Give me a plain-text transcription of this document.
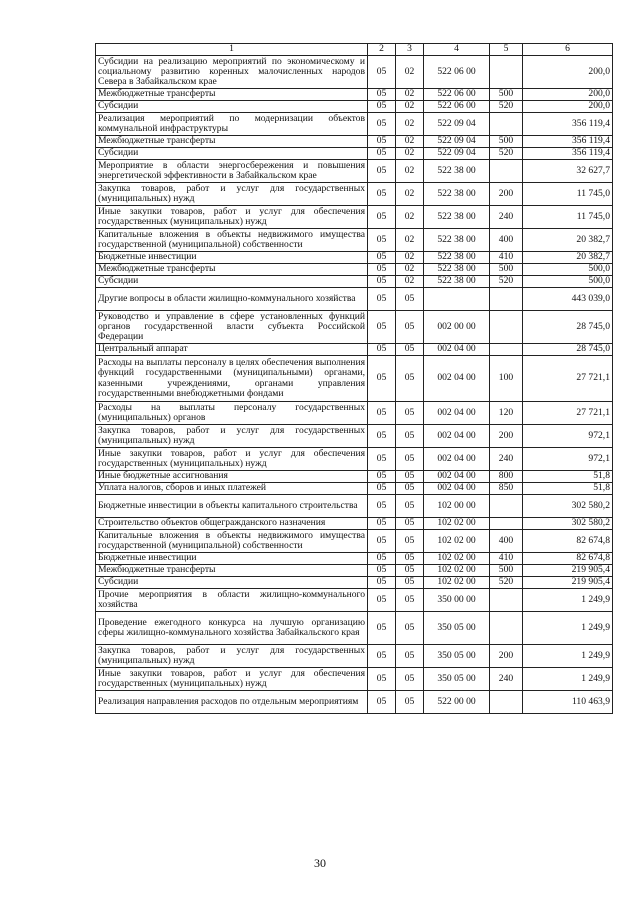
1	2	3	4	5	6
Субсидии на реализацию мероприятий по экономическому и социальному развитию коренных малочисленных народов Севера в Забайкальском крае	05	02	522 06 00		200,0
Межбюджетные трансферты	05	02	522 06 00	500	200,0
Субсидии	05	02	522 06 00	520	200,0
Реализация мероприятий по модернизации объектов коммунальной инфраструктуры	05	02	522 09 04		356 119,4
Межбюджетные трансферты	05	02	522 09 04	500	356 119,4
Субсидии	05	02	522 09 04	520	356 119,4
Мероприятие в области энергосбережения и повышения энергетической эффективности в Забайкальском крае	05	02	522 38 00		32 627,7
Закупка товаров, работ и услуг для государственных (муниципальных) нужд	05	02	522 38 00	200	11 745,0
Иные закупки товаров, работ и услуг для обеспечения государственных (муниципальных) нужд	05	02	522 38 00	240	11 745,0
Капитальные вложения в объекты недвижимого имущества государственной (муниципальной) собственности	05	02	522 38 00	400	20 382,7
Бюджетные инвестиции	05	02	522 38 00	410	20 382,7
Межбюджетные трансферты	05	02	522 38 00	500	500,0
Субсидии	05	02	522 38 00	520	500,0
Другие вопросы в области жилищно-коммунального хозяйства	05	05			443 039,0
Руководство и управление в сфере установленных функций органов государственной власти субъекта Российской Федерации	05	05	002 00 00		28 745,0
Центральный аппарат	05	05	002 04 00		28 745,0
Расходы на выплаты персоналу в целях обеспечения выполнения функций государственными (муниципальными) органами, казенными учреждениями, органами управления государственными внебюджетными фондами	05	05	002 04 00	100	27 721,1
Расходы на выплаты персоналу государственных (муниципальных) органов	05	05	002 04 00	120	27 721,1
Закупка товаров, работ и услуг для государственных (муниципальных) нужд	05	05	002 04 00	200	972,1
Иные закупки товаров, работ и услуг для обеспечения государственных (муниципальных) нужд	05	05	002 04 00	240	972,1
Иные бюджетные ассигнования	05	05	002 04 00	800	51,8
Уплата налогов, сборов и иных платежей	05	05	002 04 00	850	51,8
Бюджетные инвестиции в объекты капитального строительства	05	05	102 00 00		302 580,2
Строительство объектов общегражданского назначения	05	05	102 02 00		302 580,2
Капитальные вложения в объекты недвижимого имущества государственной (муниципальной) собственности	05	05	102 02 00	400	82 674,8
Бюджетные инвестиции	05	05	102 02 00	410	82 674,8
Межбюджетные трансферты	05	05	102 02 00	500	219 905,4
Субсидии	05	05	102 02 00	520	219 905,4
Прочие мероприятия в области жилищно-коммунального хозяйства	05	05	350 00 00		1 249,9
Проведение ежегодного конкурса на лучшую организацию сферы жилищно-коммунального хозяйства Забайкальского края	05	05	350 05 00		1 249,9
Закупка товаров, работ и услуг для государственных (муниципальных) нужд	05	05	350 05 00	200	1 249,9
Иные закупки товаров, работ и услуг для обеспечения государственных (муниципальных) нужд	05	05	350 05 00	240	1 249,9
Реализация направления расходов по отдельным мероприятиям	05	05	522 00 00		110 463,9
30
